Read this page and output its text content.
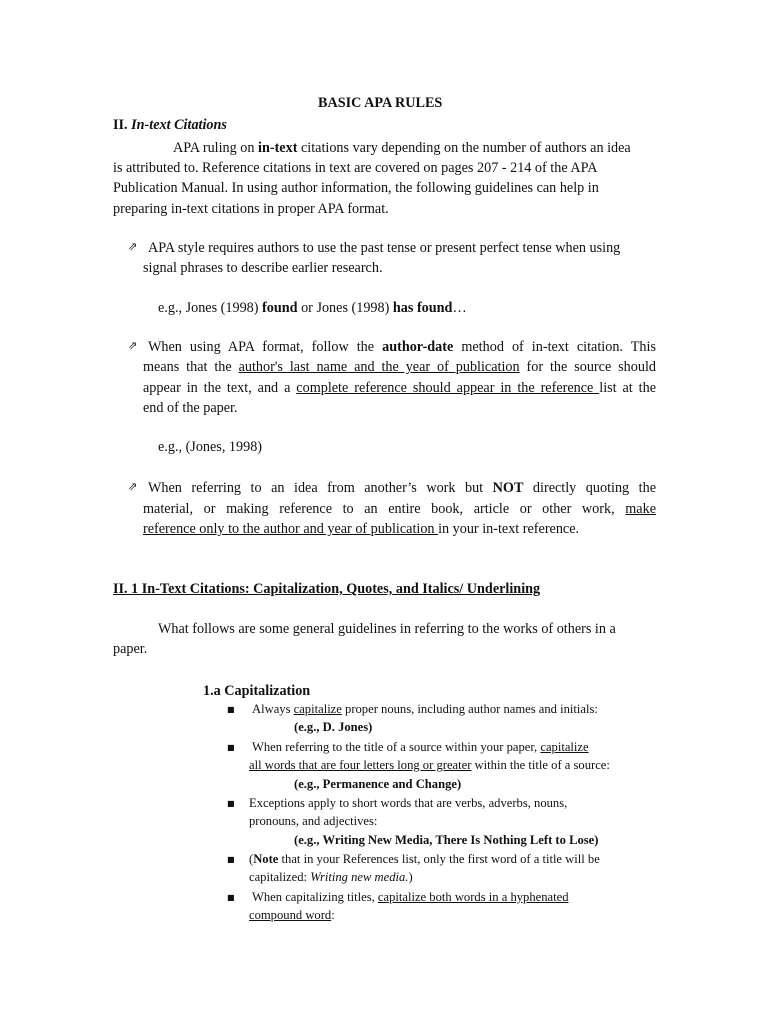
BASIC APA RULES
II. In-text Citations
APA ruling on in-text citations vary depending on the number of authors an idea
is attributed to. Reference citations in text are covered on pages 207 - 214 of the APA
Publication Manual. In using author information, the following guidelines can help in
preparing in-text citations in proper APA format.
⇗ APA style requires authors to use the past tense or present perfect tense when using
signal phrases to describe earlier research.
e.g., Jones (1998) found or Jones (1998) has found…
⇗ When using APA format, follow the author-date method of in-text citation. This
means that the author's last name and the year of publication for the source should
appear in the text, and a complete reference should appear in the reference list at the
end of the paper.
e.g., (Jones, 1998)
⇗ When referring to an idea from another’s work but NOT directly quoting the
material, or making reference to an entire book, article or other work, make
reference only to the author and year of publication in your in-text reference.
II. 1 In-Text Citations: Capitalization, Quotes, and Italics/ Underlining
What follows are some general guidelines in referring to the works of others in a
paper.
1.a Capitalization
■ Always capitalize proper nouns, including author names and initials:
(e.g., D. Jones)
■ When referring to the title of a source within your paper, capitalize
all words that are four letters long or greater within the title of a source:
(e.g., Permanence and Change)
■ Exceptions apply to short words that are verbs, adverbs, nouns,
pronouns, and adjectives:
(e.g., Writing New Media, There Is Nothing Left to Lose)
■ (Note that in your References list, only the first word of a title will be
capitalized: Writing new media.)
■ When capitalizing titles, capitalize both words in a hyphenated
compound word:
